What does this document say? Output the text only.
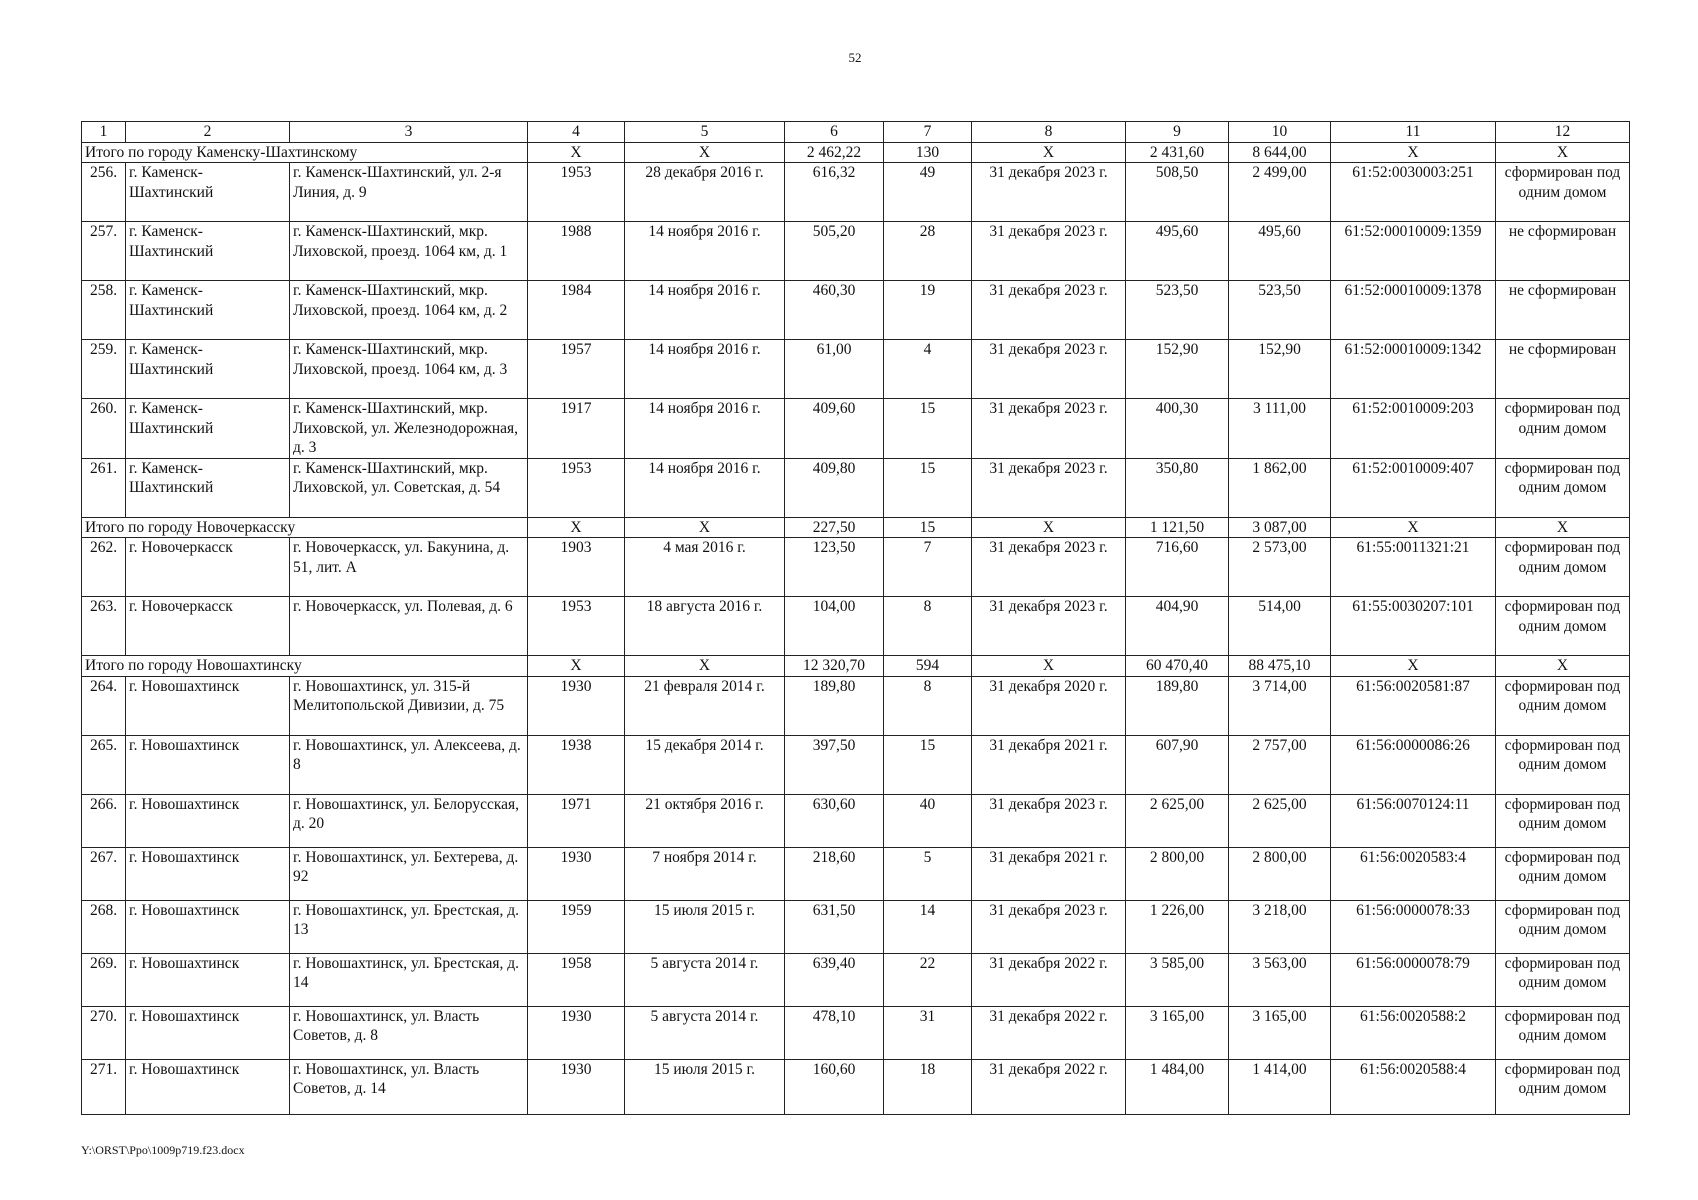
52
1	2	3	4	5	6	7	8	9	10	11	12
Итого по городу Каменску-Шахтинскому			Х	Х	2 462,22	130	Х	2 431,60	8 644,00	Х	Х
256.	г. Каменск-Шахтинский	г. Каменск-Шахтинский, ул. 2-я Линия, д. 9	1953	28 декабря 2016 г.	616,32	49	31 декабря 2023 г.	508,50	2 499,00	61:52:0030003:251	сформирован под одним домом
257.	г. Каменск-Шахтинский	г. Каменск-Шахтинский, мкр. Лиховской, проезд. 1064 км, д. 1	1988	14 ноября 2016 г.	505,20	28	31 декабря 2023 г.	495,60	495,60	61:52:00010009:1359	не сформирован
258.	г. Каменск-Шахтинский	г. Каменск-Шахтинский, мкр. Лиховской, проезд. 1064 км, д. 2	1984	14 ноября 2016 г.	460,30	19	31 декабря 2023 г.	523,50	523,50	61:52:00010009:1378	не сформирован
259.	г. Каменск-Шахтинский	г. Каменск-Шахтинский, мкр. Лиховской, проезд. 1064 км, д. 3	1957	14 ноября 2016 г.	61,00	4	31 декабря 2023 г.	152,90	152,90	61:52:00010009:1342	не сформирован
260.	г. Каменск-Шахтинский	г. Каменск-Шахтинский, мкр. Лиховской, ул. Железнодорожная, д. 3	1917	14 ноября 2016 г.	409,60	15	31 декабря 2023 г.	400,30	3 111,00	61:52:0010009:203	сформирован под одним домом
261.	г. Каменск-Шахтинский	г. Каменск-Шахтинский, мкр. Лиховской, ул. Советская, д. 54	1953	14 ноября 2016 г.	409,80	15	31 декабря 2023 г.	350,80	1 862,00	61:52:0010009:407	сформирован под одним домом
Итого по городу Новочеркасску			Х	Х	227,50	15	Х	1 121,50	3 087,00	Х	Х
262.	г. Новочеркасск	г. Новочеркасск, ул. Бакунина, д. 51, лит. А	1903	4 мая 2016 г.	123,50	7	31 декабря 2023 г.	716,60	2 573,00	61:55:0011321:21	сформирован под одним домом
263.	г. Новочеркасск	г. Новочеркасск, ул. Полевая, д. 6	1953	18 августа 2016 г.	104,00	8	31 декабря 2023 г.	404,90	514,00	61:55:0030207:101	сформирован под одним домом
Итого по городу Новошахтинску			Х	Х	12 320,70	594	Х	60 470,40	88 475,10	Х	Х
264.	г. Новошахтинск	г. Новошахтинск, ул. 315-й Мелитопольской Дивизии, д. 75	1930	21 февраля 2014 г.	189,80	8	31 декабря 2020 г.	189,80	3 714,00	61:56:0020581:87	сформирован под одним домом
265.	г. Новошахтинск	г. Новошахтинск, ул. Алексеева, д. 8	1938	15 декабря 2014 г.	397,50	15	31 декабря 2021 г.	607,90	2 757,00	61:56:0000086:26	сформирован под одним домом
266.	г. Новошахтинск	г. Новошахтинск, ул. Белорусская, д. 20	1971	21 октября 2016 г.	630,60	40	31 декабря 2023 г.	2 625,00	2 625,00	61:56:0070124:11	сформирован под одним домом
267.	г. Новошахтинск	г. Новошахтинск, ул. Бехтерева, д. 92	1930	7 ноября 2014 г.	218,60	5	31 декабря 2021 г.	2 800,00	2 800,00	61:56:0020583:4	сформирован под одним домом
268.	г. Новошахтинск	г. Новошахтинск, ул. Брестская, д. 13	1959	15 июля 2015 г.	631,50	14	31 декабря 2023 г.	1 226,00	3 218,00	61:56:0000078:33	сформирован под одним домом
269.	г. Новошахтинск	г. Новошахтинск, ул. Брестская, д. 14	1958	5 августа 2014 г.	639,40	22	31 декабря 2022 г.	3 585,00	3 563,00	61:56:0000078:79	сформирован под одним домом
270.	г. Новошахтинск	г. Новошахтинск, ул. Власть Советов, д. 8	1930	5 августа 2014 г.	478,10	31	31 декабря 2022 г.	3 165,00	3 165,00	61:56:0020588:2	сформирован под одним домом
271.	г. Новошахтинск	г. Новошахтинск, ул. Власть Советов, д. 14	1930	15 июля 2015 г.	160,60	18	31 декабря 2022 г.	1 484,00	1 414,00	61:56:0020588:4	сформирован под одним домом
Y:\ORST\Ppo\1009p719.f23.docx
